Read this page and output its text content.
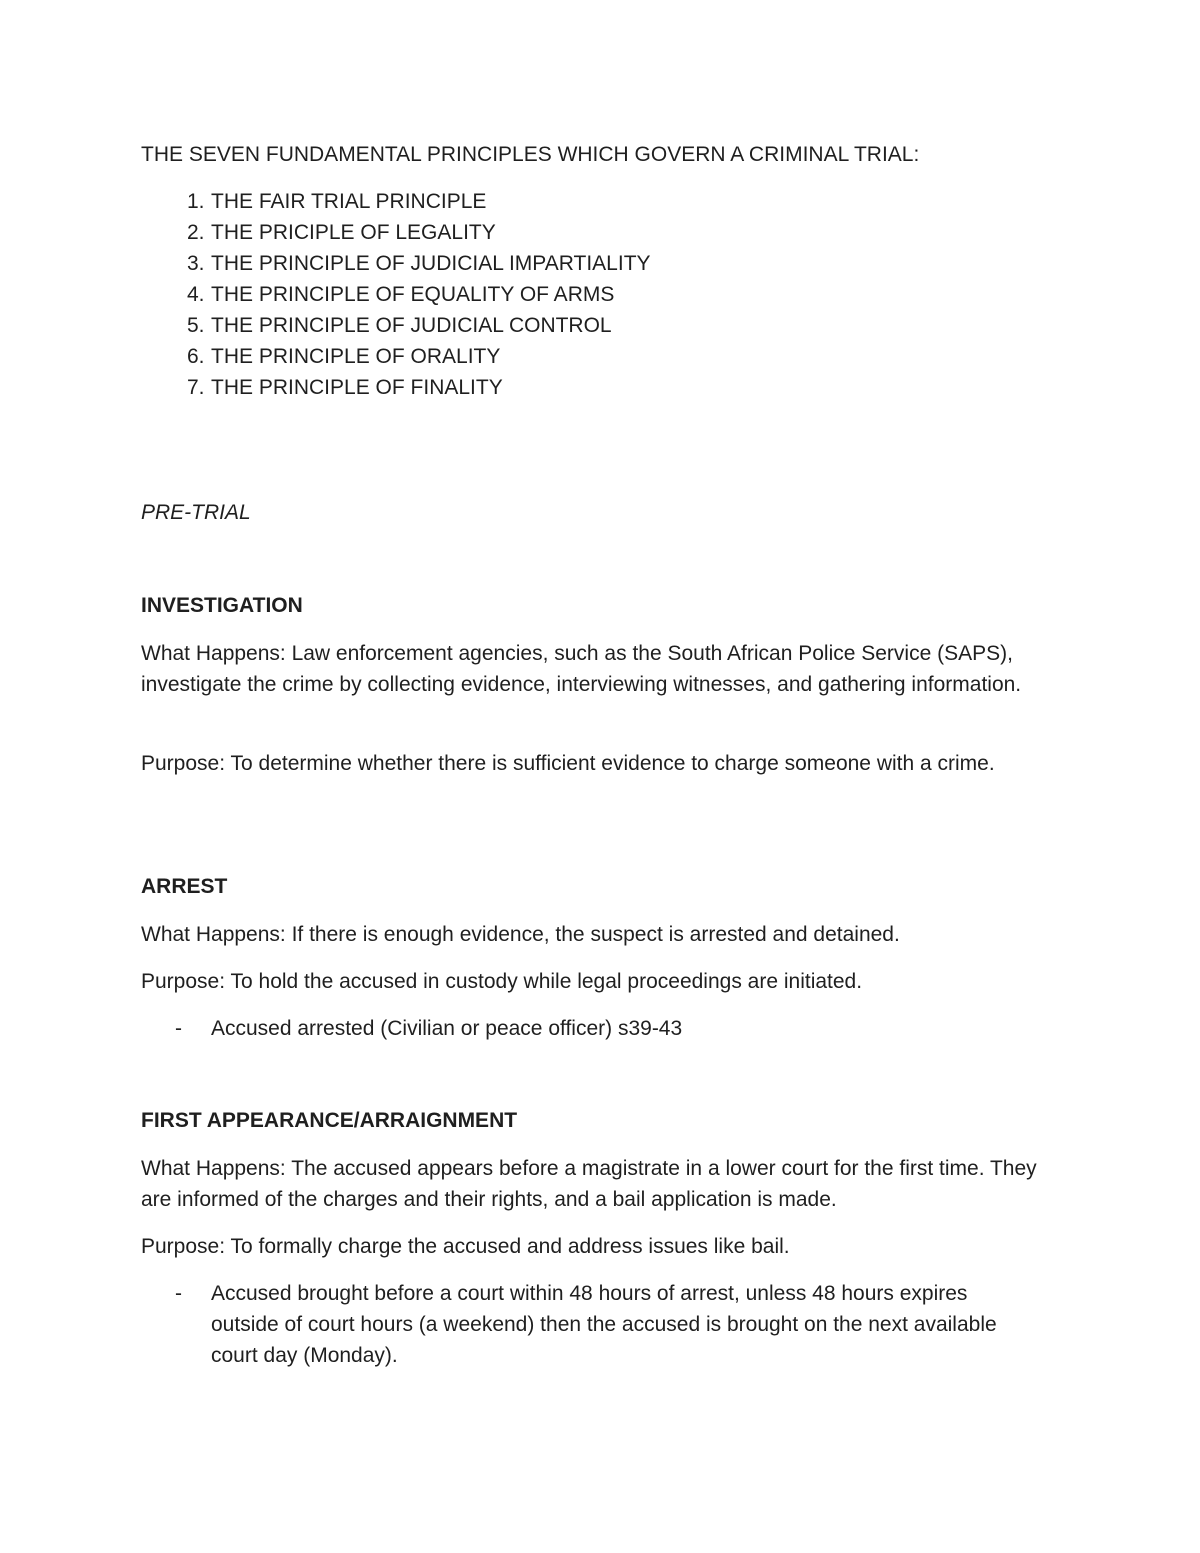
THE SEVEN FUNDAMENTAL PRINCIPLES WHICH GOVERN A CRIMINAL TRIAL:
1. THE FAIR TRIAL PRINCIPLE
2. THE PRICIPLE OF LEGALITY
3. THE PRINCIPLE OF JUDICIAL IMPARTIALITY
4. THE PRINCIPLE OF EQUALITY OF ARMS
5. THE PRINCIPLE OF JUDICIAL CONTROL
6. THE PRINCIPLE OF ORALITY
7. THE PRINCIPLE OF FINALITY
PRE-TRIAL
INVESTIGATION
What Happens: Law enforcement agencies, such as the South African Police Service (SAPS), investigate the crime by collecting evidence, interviewing witnesses, and gathering information.
Purpose: To determine whether there is sufficient evidence to charge someone with a crime.
ARREST
What Happens: If there is enough evidence, the suspect is arrested and detained.
Purpose: To hold the accused in custody while legal proceedings are initiated.
-	Accused arrested (Civilian or peace officer) s39-43
FIRST APPEARANCE/ARRAIGNMENT
What Happens: The accused appears before a magistrate in a lower court for the first time. They are informed of the charges and their rights, and a bail application is made.
Purpose: To formally charge the accused and address issues like bail.
-	Accused brought before a court within 48 hours of arrest, unless 48 hours expires outside of court hours (a weekend) then the accused is brought on the next available court day (Monday).
